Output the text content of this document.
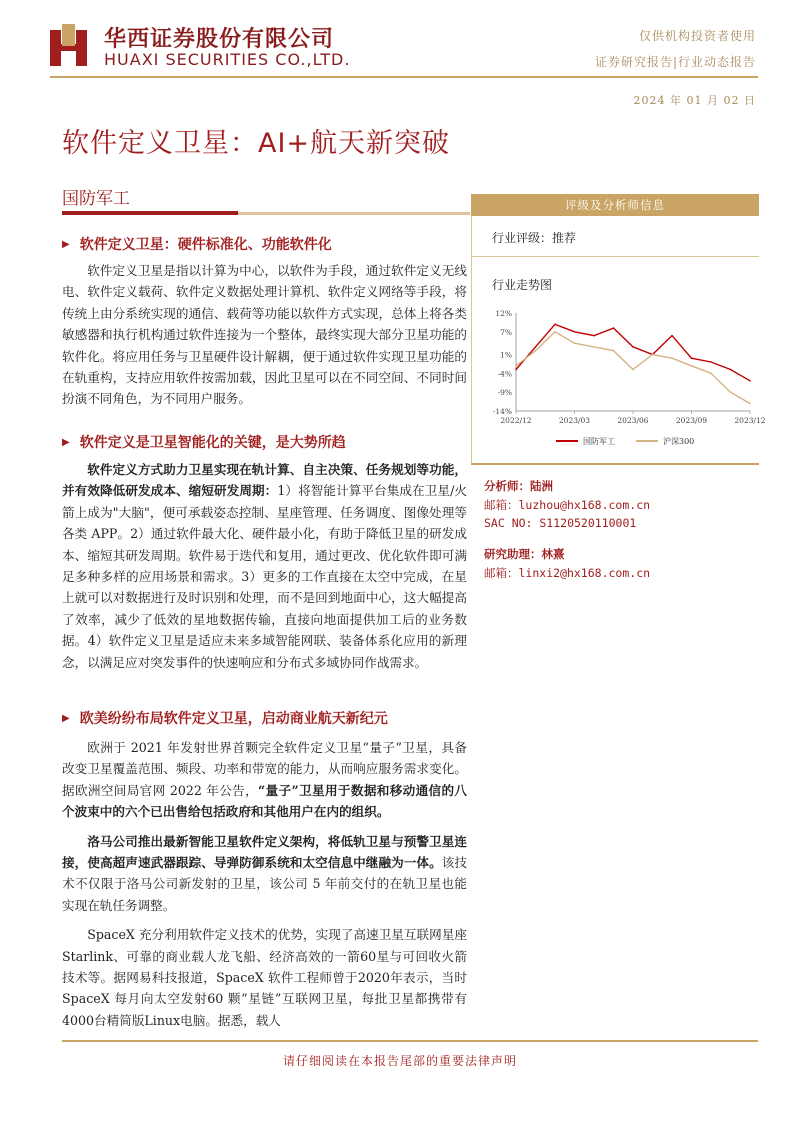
华西证券股份有限公司
HUAXI SECURITIES CO.,LTD.
仅供机构投资者使用
证券研究报告|行业动态报告
2024 年 01 月 02 日
软件定义卫星：AI+航天新突破
国防军工
▶ 软件定义卫星：硬件标准化、功能软件化

软件定义卫星是指以计算为中心，以软件为手段，通过软件定义无线电、软件定义载荷、软件定义数据处理计算机、软件定义网络等手段，将传统上由分系统实现的通信、载荷等功能以软件方式实现，总体上将各类敏感器和执行机构通过软件连接为一个整体，最终实现大部分卫星功能的软件化。将应用任务与卫星硬件设计解耦，便于通过软件实现卫星功能的在轨重构，支持应用软件按需加载，因此卫星可以在不同空间、不同时间扮演不同角色，为不同用户服务。

▶ 软件定义是卫星智能化的关键，是大势所趋

软件定义方式助力卫星实现在轨计算、自主决策、任务规划等功能，并有效降低研发成本、缩短研发周期：1）将智能计算平台集成在卫星/火箭上成为"大脑"，便可承载姿态控制、星座管理、任务调度、图像处理等各类 APP。2）通过软件最大化、硬件最小化，有助于降低卫星的研发成本、缩短其研发周期。软件易于迭代和复用，通过更改、优化软件即可满足多种多样的应用场景和需求。3）更多的工作直接在太空中完成，在星上就可以对数据进行及时识别和处理，而不是回到地面中心，这大幅提高了效率，减少了低效的星地数据传输，直接向地面提供加工后的业务数据。4）软件定义卫星是适应未来多域智能网联、装备体系化应用的新理念，以满足应对突发事件的快速响应和分布式多域协同作战需求。

▶ 欧美纷纷布局软件定义卫星，启动商业航天新纪元

欧洲于 2021 年发射世界首颗完全软件定义卫星“量子”卫星，具备改变卫星覆盖范围、频段、功率和带宽的能力，从而响应服务需求变化。据欧洲空间局官网 2022 年公告，“量子”卫星用于数据和移动通信的八个波束中的六个已出售给包括政府和其他用户在内的组织。

洛马公司推出最新智能卫星软件定义架构，将低轨卫星与预警卫星连接，使高超声速武器跟踪、导弹防御系统和太空信息中继融为一体。该技术不仅限于洛马公司新发射的卫星，该公司 5 年前交付的在轨卫星也能实现在轨任务调整。

SpaceX 充分利用软件定义技术的优势，实现了高速卫星互联网星座Starlink、可靠的商业载人龙飞船、经济高效的一箭60星与可回收火箭技术等。据网易科技报道，SpaceX 软件工程师曾于2020年表示，当时 SpaceX 每月向太空发射60 颗“星链”互联网卫星，每批卫星都携带有4000台精简版Linux电脑。据悉，载人

评级及分析师信息
行业评级：推荐
行业走势图
12%
7%
1%
-4%
-9%
-14%
2022/12	2023/03	2023/06	2023/09	2023/12
国防军工	沪深300
分析师：陆洲
邮箱：luzhou@hx168.com.cn
SAC NO: S1120520110001
研究助理：林熹
邮箱：linxi2@hx168.com.cn
请仔细阅读在本报告尾部的重要法律声明
